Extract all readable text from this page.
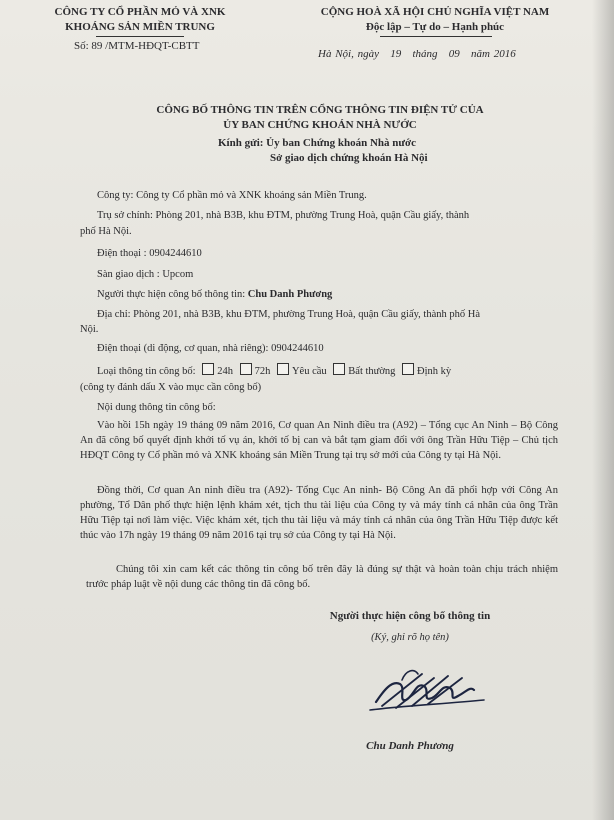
CÔNG TY CỔ PHẦN MỎ VÀ XNK
KHOÁNG SẢN MIỀN TRUNG
Số: 89 /MTM-HĐQT-CBTT
CỘNG HOÀ XÃ HỘI CHỦ NGHĨA VIỆT NAM
Độc lập – Tự do – Hạnh phúc
Hà Nội, ngày 19 tháng 09 năm 2016
CÔNG BỐ THÔNG TIN TRÊN CỔNG THÔNG TIN ĐIỆN TỬ CỦA
ỦY BAN CHỨNG KHOÁN NHÀ NƯỚC
Kính gửi: Ủy ban Chứng khoán Nhà nước
Sở giao dịch chứng khoán Hà Nội
Công ty: Công ty Cổ phần mỏ và XNK khoáng sản Miền Trung.
Trụ sở chính: Phòng 201, nhà B3B, khu ĐTM, phường Trung Hoà, quận Cầu giấy, thành
phố Hà Nội.
Điện thoại : 0904244610
Sàn giao dịch : Upcom
Người thực hiện công bố thông tin: Chu Danh Phương
Địa chỉ: Phòng 201, nhà B3B, khu ĐTM, phường Trung Hoà, quận Cầu giấy, thành phố Hà
Nội.
Điện thoại (di động, cơ quan, nhà riêng): 0904244610
Loại thông tin công bố: 24h 72h Yêu cầu Bất thường Định kỳ
(công ty đánh dấu X vào mục cần công bố)
Nội dung thông tin công bố:
Vào hồi 15h ngày 19 tháng 09 năm 2016, Cơ quan An Ninh điều tra (A92) – Tổng cục An Ninh – Bộ Công An đã công bố quyết định khởi tố vụ án, khởi tố bị can và bắt tạm giam đối với ông Trần Hữu Tiệp – Chủ tịch HĐQT Công ty Cổ phần mỏ và XNK khoáng sản Miền Trung tại trụ sở mới của Công ty tại Hà Nội.
Đồng thời, Cơ quan An ninh điều tra (A92)- Tổng Cục An ninh- Bộ Công An đã phối hợp với Công An phường, Tổ Dân phố thực hiện lệnh khám xét, tịch thu tài liệu của Công ty và máy tính cá nhân của ông Trần Hữu Tiệp tại nơi làm việc. Việc khám xét, tịch thu tài liệu và máy tính cá nhân của ông Trần Hữu Tiệp được kết thúc vào 17h ngày 19 tháng 09 năm 2016 tại trụ sở của Công ty tại Hà Nội.
Chúng tôi xin cam kết các thông tin công bố trên đây là đúng sự thật và hoàn toàn chịu trách nhiệm trước pháp luật về nội dung các thông tin đã công bố.
Người thực hiện công bố thông tin
(Ký, ghi rõ họ tên)
Chu Danh Phương
